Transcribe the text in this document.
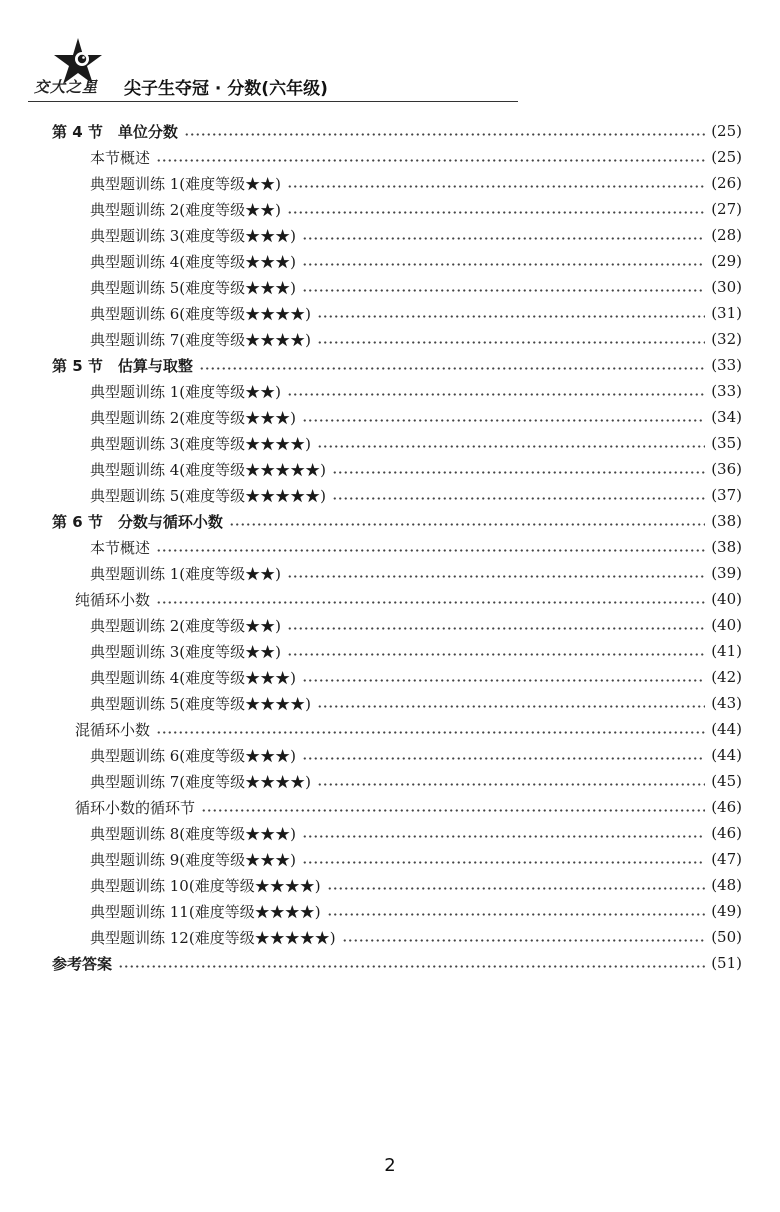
交大之星 尖子生夺冠 · 分数(六年级)
第 4 节　单位分数	(25)
本节概述	(25)
典型题训练 1(难度等级★★)	(26)
典型题训练 2(难度等级★★)	(27)
典型题训练 3(难度等级★★★)	(28)
典型题训练 4(难度等级★★★)	(29)
典型题训练 5(难度等级★★★)	(30)
典型题训练 6(难度等级★★★★)	(31)
典型题训练 7(难度等级★★★★)	(32)
第 5 节　估算与取整	(33)
典型题训练 1(难度等级★★)	(33)
典型题训练 2(难度等级★★★)	(34)
典型题训练 3(难度等级★★★★)	(35)
典型题训练 4(难度等级★★★★★)	(36)
典型题训练 5(难度等级★★★★★)	(37)
第 6 节　分数与循环小数	(38)
本节概述	(38)
典型题训练 1(难度等级★★)	(39)
纯循环小数	(40)
典型题训练 2(难度等级★★)	(40)
典型题训练 3(难度等级★★)	(41)
典型题训练 4(难度等级★★★)	(42)
典型题训练 5(难度等级★★★★)	(43)
混循环小数	(44)
典型题训练 6(难度等级★★★)	(44)
典型题训练 7(难度等级★★★★)	(45)
循环小数的循环节	(46)
典型题训练 8(难度等级★★★)	(46)
典型题训练 9(难度等级★★★)	(47)
典型题训练 10(难度等级★★★★)	(48)
典型题训练 11(难度等级★★★★)	(49)
典型题训练 12(难度等级★★★★★)	(50)
参考答案	(51)
2
